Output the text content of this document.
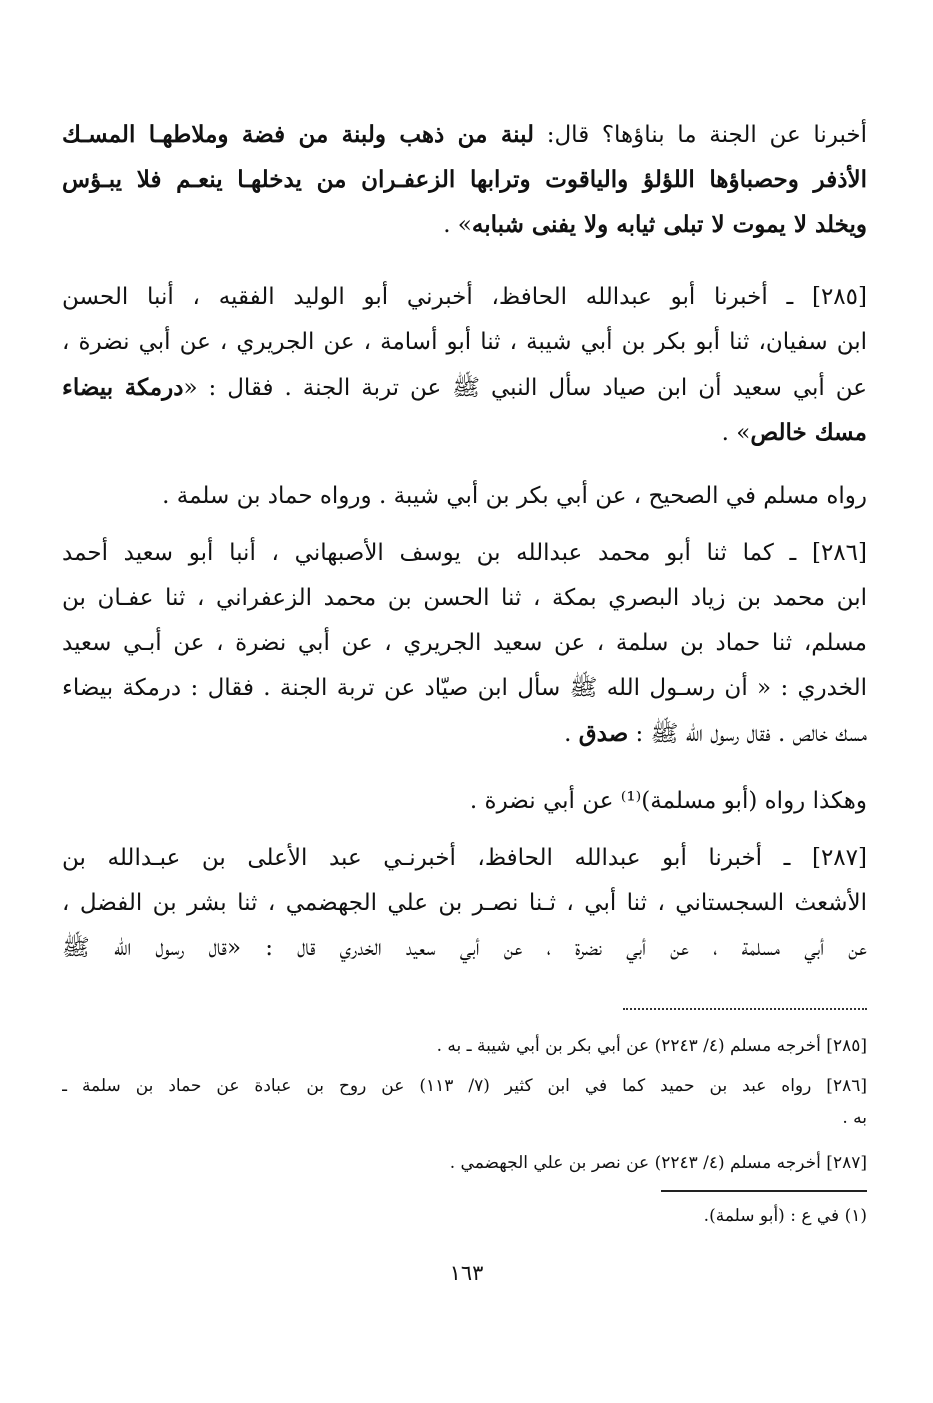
أخبرنا عن الجنة ما بناؤها؟ قال: لبنة من ذهب ولبنة من فضة وملاطهـا المسـك
الأذفر وحصباؤها اللؤلؤ والياقوت وترابها الزعفـران من يدخلهـا ينعـم فلا يبـؤس
ويخلد لا يموت لا تبلى ثيابه ولا يفنى شبابه» .
[٢٨٥] ـ أخبرنا أبو عبدالله الحافظ، أخبرني أبو الوليد الفقيه ، أنبا الحسن
ابن سفيان، ثنا أبو بكر بن أبي شيبة ، ثنا أبو أسامة ، عن الجريري ، عن أبي نضرة ،
عن أبي سعيد أن ابن صياد سأل النبي ﷺ عن تربة الجنة . فقال : «درمكة بيضاء
مسك خالص» .
رواه مسلم في الصحيح ، عن أبي بكر بن أبي شيبة . ورواه حماد بن سلمة .
[٢٨٦] ـ كما ثنا أبو محمد عبدالله بن يوسف الأصبهاني ، أنبا أبو سعيد أحمد
ابن محمد بن زياد البصري بمكة ، ثنا الحسن بن محمد الزعفراني ، ثنا عفـان بن
مسلم، ثنا حماد بن سلمة ، عن سعيد الجريري ، عن أبي نضرة ، عن أبـي سعيد
الخدري : « أن رسـول الله ﷺ سأل ابن صيّاد عن تربة الجنة . فقال : درمكة بيضاء
مسك خالص . فقال رسول الله ﷺ : صدق .
وهكذا رواه (أبو مسلمة)⁽¹⁾ عن أبي نضرة .
[٢٨٧] ـ أخبرنا أبو عبدالله الحافظ، أخبرنـي عبد الأعلى بن عبـدالله بن
الأشعث السجستاني ، ثنا أبي ، ثـنا نصـر بن علي الجهضمي ، ثنا بشر بن الفضل ،
عن أبي مسلمة ، عن أبي نضرة ، عن أبي سعيد الخدري قال : «قال رسول الله ﷺ
[٢٨٥] أخرجه مسلم (٤/ ٢٢٤٣) عن أبي بكر بن أبي شيبة ـ به .
[٢٨٦] رواه عبد بن حميد كما في ابن كثير (٧/ ١١٣) عن روح بن عبادة عن حماد بن سلمة ـ
به .
[٢٨٧] أخرجه مسلم (٤/ ٢٢٤٣) عن نصر بن علي الجهضمي .
(١) في ع : (أبو سلمة).
١٦٣
